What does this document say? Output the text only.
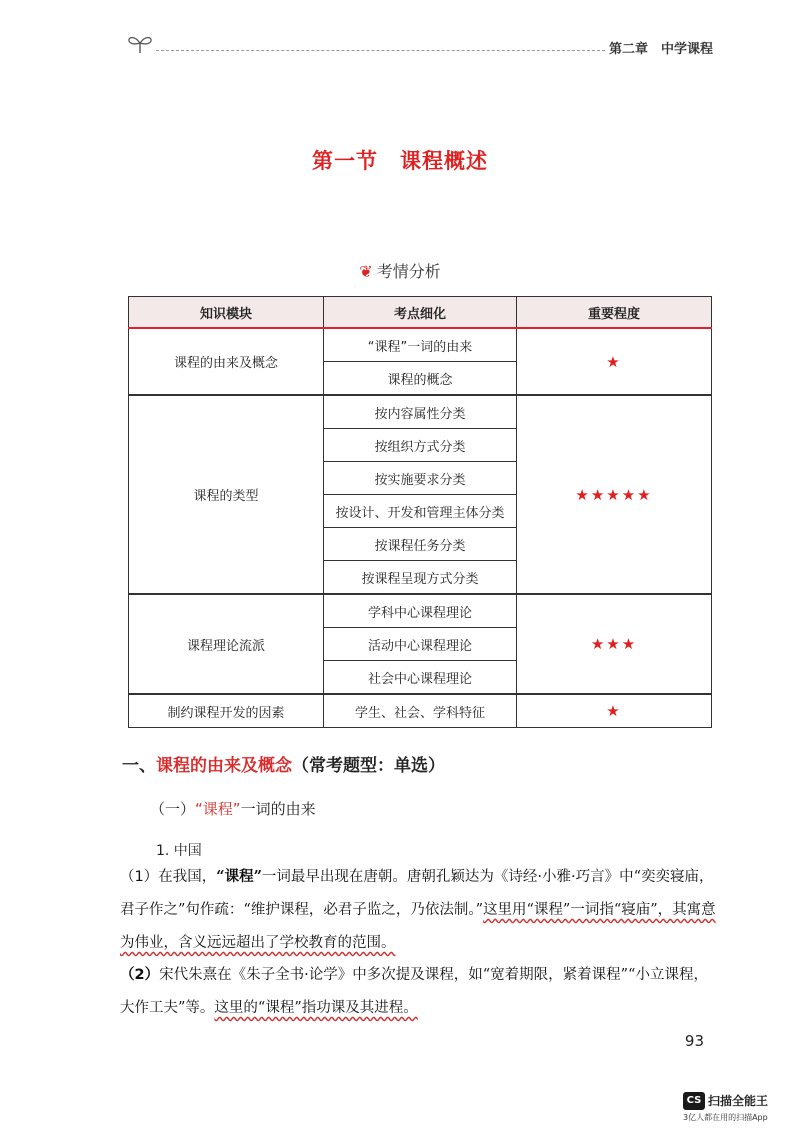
第二章　中学课程
第一节 课程概述
❦ 考情分析
知识模块	考点细化	重要程度
课程的由来及概念	“课程”一词的由来	★
	课程的概念	
课程的类型	按内容属性分类	★★★★★
	按组织方式分类	
	按实施要求分类	
	按设计、开发和管理主体分类	
	按课程任务分类	
	按课程呈现方式分类	
课程理论流派	学科中心课程理论	★★★
	活动中心课程理论	
	社会中心课程理论	
制约课程开发的因素	学生、社会、学科特征	★
一、课程的由来及概念（常考题型：单选）
（一）“课程”一词的由来
1. 中国
（1）在我国，“课程”一词最早出现在唐朝。唐朝孔颖达为《诗经·小雅·巧言》中“奕奕寝庙，君子作之”句作疏：“维护课程，必君子监之，乃依法制。”这里用“课程”一词指“寝庙”，其寓意为伟业，含义远远超出了学校教育的范围。
（2）宋代朱熹在《朱子全书·论学》中多次提及课程，如“宽着期限，紧着课程”“小立课程，大作工夫”等。这里的“课程”指功课及其进程。
93
CS 扫描全能王
3亿人都在用的扫描App
